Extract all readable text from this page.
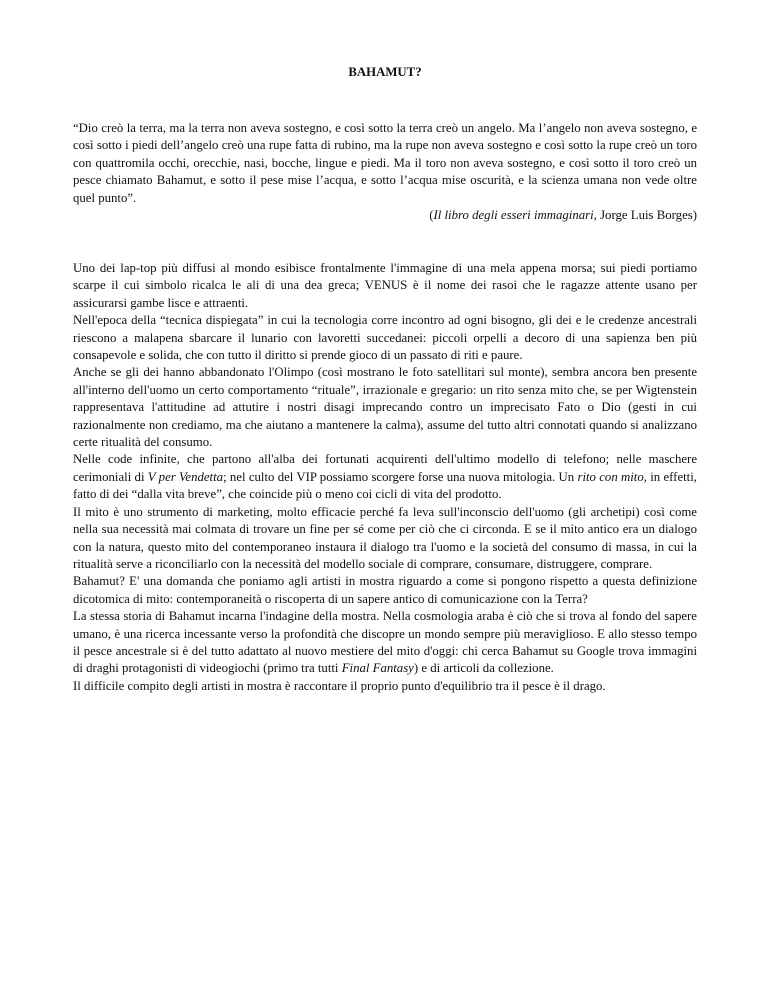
BAHAMUT?

“Dio creò la terra, ma la terra non aveva sostegno, e così sotto la terra creò un angelo. Ma l’angelo non aveva sostegno, e così sotto i piedi dell’angelo creò una rupe fatta di rubino, ma la rupe non aveva sostegno e così sotto la rupe creò un toro con quattromila occhi, orecchie, nasi, bocche, lingue e piedi. Ma il toro non aveva sostegno, e così sotto il toro creò un pesce chiamato Bahamut, e sotto il pese mise l’acqua, e sotto l’acqua mise oscurità, e la scienza umana non vede oltre quel punto”.

(Il libro degli esseri immaginari, Jorge Luis Borges)

Uno dei lap-top più diffusi al mondo esibisce frontalmente l'immagine di una mela appena morsa; sui piedi portiamo scarpe il cui simbolo ricalca le ali di una dea greca; VENUS è il nome dei rasoi che le ragazze attente usano per assicurarsi gambe lisce e attraenti.

Nell'epoca della “tecnica dispiegata” in cui la tecnologia corre incontro ad ogni bisogno, gli dei e le credenze ancestrali riescono a malapena sbarcare il lunario con lavoretti succedanei: piccoli orpelli a decoro di una sapienza ben più consapevole e solida, che con tutto il diritto si prende gioco di un passato di riti e paure.

Anche se gli dei hanno abbandonato l'Olimpo (così mostrano le foto satellitari sul monte), sembra ancora ben presente all'interno dell'uomo un certo comportamento “rituale”, irrazionale e gregario: un rito senza mito che, se per Wigtenstein rappresentava l'attitudine ad attutire i nostri disagi imprecando contro un imprecisato Fato o Dio (gesti in cui razionalmente non crediamo, ma che aiutano a mantenere la calma), assume del tutto altri connotati quando si analizzano certe ritualità del consumo.

Nelle code infinite, che partono all'alba dei fortunati acquirenti dell'ultimo modello di telefono; nelle maschere cerimoniali di V per Vendetta; nel culto del VIP possiamo scorgere forse una nuova mitologia. Un rito con mito, in effetti, fatto di dei “dalla vita breve”, che coincide più o meno coi cicli di vita del prodotto.

Il mito è uno strumento di marketing, molto efficacie perché fa leva sull'inconscio dell'uomo (gli archetipi) così come nella sua necessità mai colmata di trovare un fine per sé come per ciò che ci circonda. E se il mito antico era un dialogo con la natura, questo mito del contemporaneo instaura il dialogo tra l'uomo e la società del consumo di massa, in cui la ritualità serve a riconciliarlo con la necessità del modello sociale di comprare, consumare, distruggere, comprare.

Bahamut? E' una domanda che poniamo agli artisti in mostra riguardo a come si pongono rispetto a questa definizione dicotomica di mito: contemporaneità o riscoperta di un sapere antico di comunicazione con la Terra?

La stessa storia di Bahamut incarna l'indagine della mostra. Nella cosmologia araba è ciò che si trova al fondo del sapere umano, è una ricerca incessante verso la profondità che discopre un mondo sempre più meraviglioso. E allo stesso tempo il pesce ancestrale si è del tutto adattato al nuovo mestiere del mito d'oggi: chi cerca Bahamut su Google trova immagini di draghi protagonisti di videogiochi (primo tra tutti Final Fantasy) e di articoli da collezione.

Il difficile compito degli artisti in mostra è raccontare il proprio punto d'equilibrio tra il pesce è il drago.
